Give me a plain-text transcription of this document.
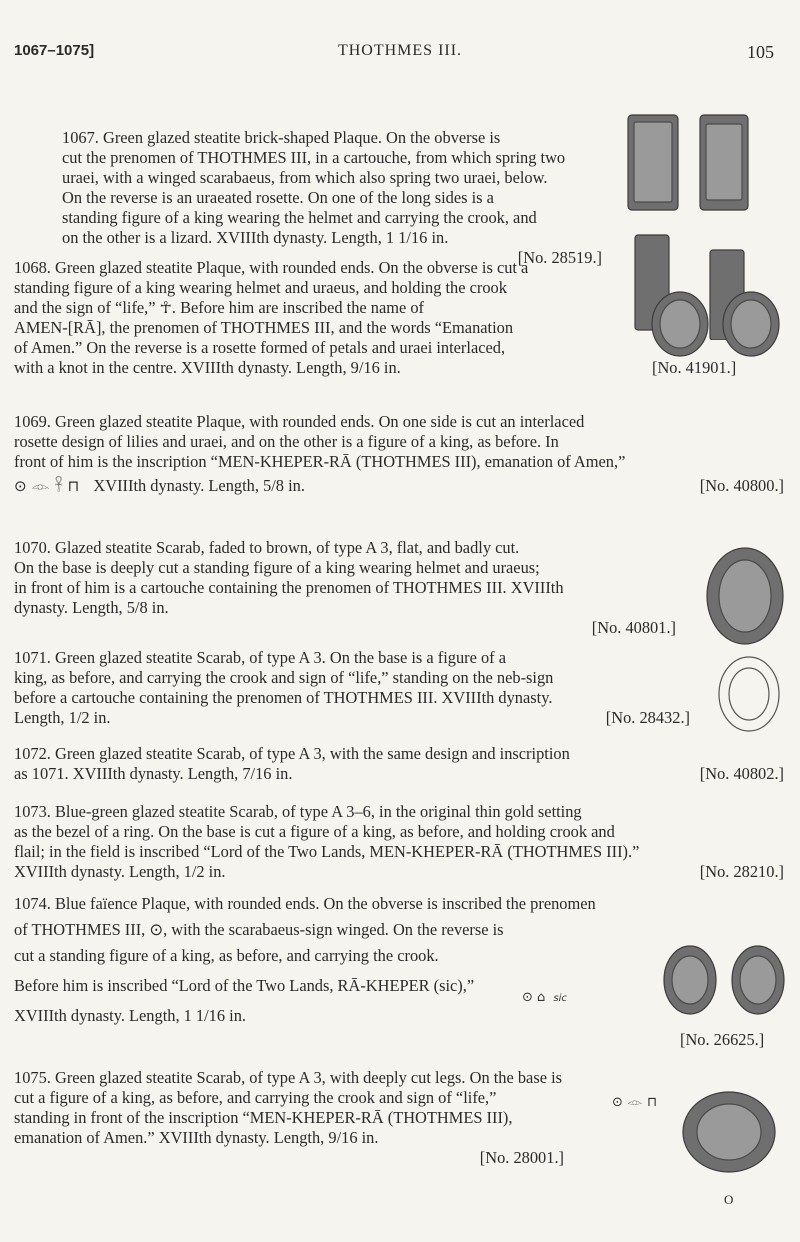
1067–1075]	THOTHMES III.	105

1067. Green glazed steatite brick-shaped Plaque. On the obverse is

cut the prenomen of THOTHMES III, in a cartouche, from which spring two

uraei, with a winged scarabaeus, from which also spring two uraei, below.

On the reverse is an uraeated rosette. On one of the long sides is a

standing figure of a king wearing the helmet and carrying the crook, and

on the other is a lizard. XVIIIth dynasty. Length, 1 1/16 in.

[No. 28519.]

1068. Green glazed steatite Plaque, with rounded ends. On the obverse is cut a

standing figure of a king wearing helmet and uraeus, and holding the crook

and the sign of “life,” ☥. Before him are inscribed the name of

AMEN-[RĀ], the prenomen of THOTHMES III, and the words “Emanation

of Amen.” On the reverse is a rosette formed of petals and uraei interlaced,

with a knot in the centre. XVIIIth dynasty. Length, 9/16 in.	[No. 41901.]

1069. Green glazed steatite Plaque, with rounded ends. On one side is cut an interlaced

rosette design of lilies and uraei, and on the other is a figure of a king, as before. In

front of him is the inscription “MEN-KHEPER-RĀ (THOTHMES III), emanation of Amen,”

⊙ 𓁹 𓋹 ⊓ XVIIIth dynasty. Length, 5/8 in.	[No. 40800.]

1070. Glazed steatite Scarab, faded to brown, of type A 3, flat, and badly cut.

On the base is deeply cut a standing figure of a king wearing helmet and uraeus;

in front of him is a cartouche containing the prenomen of THOTHMES III. XVIIIth

dynasty. Length, 5/8 in.

[No. 40801.]

1071. Green glazed steatite Scarab, of type A 3. On the base is a figure of a

king, as before, and carrying the crook and sign of “life,” standing on the neb-sign

before a cartouche containing the prenomen of THOTHMES III. XVIIIth dynasty.

Length, 1/2 in.	[No. 28432.]

1072. Green glazed steatite Scarab, of type A 3, with the same design and inscription

as 1071. XVIIIth dynasty. Length, 7/16 in.	[No. 40802.]

1073. Blue-green glazed steatite Scarab, of type A 3–6, in the original thin gold setting

as the bezel of a ring. On the base is cut a figure of a king, as before, and holding crook and

flail; in the field is inscribed “Lord of the Two Lands, MEN-KHEPER-RĀ (THOTHMES III).”

XVIIIth dynasty. Length, 1/2 in.	[No. 28210.]

1074. Blue faïence Plaque, with rounded ends. On the obverse is inscribed the prenomen

of THOTHMES III, ⊙, with the scarabaeus-sign winged. On the reverse is

cut a standing figure of a king, as before, and carrying the crook.

Before him is inscribed “Lord of the Two Lands, RĀ-KHEPER (sic),”

XVIIIth dynasty. Length, 1 1/16 in.

⊙ ⌂ sic
[No. 26625.]

1075. Green glazed steatite Scarab, of type A 3, with deeply cut legs. On the base is

cut a figure of a king, as before, and carrying the crook and sign of “life,”

standing in front of the inscription “MEN-KHEPER-RĀ (THOTHMES III),

emanation of Amen.” XVIIIth dynasty. Length, 9/16 in.

[No. 28001.]

⊙ 𓁹 ⊓
O
